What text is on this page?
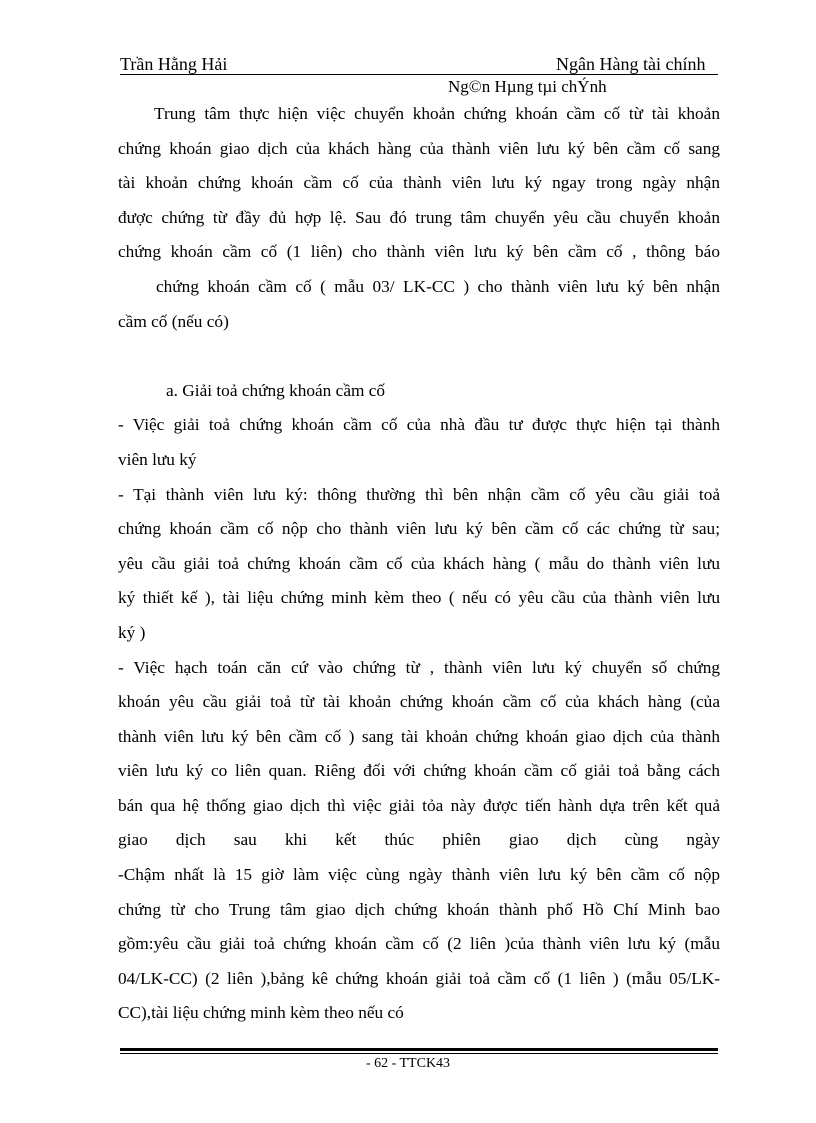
Trần Hằng Hải	Ngân Hàng tài chính
Ng©n Hµng tµi chÝnh
Trung tâm thực hiện việc chuyển khoản chứng khoán cầm cố từ tài khoản
chứng khoán giao dịch của khách hàng của thành viên lưu ký bên cầm cố sang
tài khoản chứng khoán cầm cố của thành viên lưu ký ngay trong ngày nhận
được chứng từ đầy đủ hợp lệ. Sau đó trung tâm chuyển yêu cầu chuyển khoản
chứng khoán cầm cố (1 liên) cho thành viên lưu ký bên cầm cố , thông báo
chứng khoán cầm cố ( mẫu 03/ LK-CC ) cho thành viên lưu ký bên nhận
cầm cố (nếu có)
a. Giải toả chứng khoán cầm cố
- Việc giải toả chứng khoán cầm cố của nhà đầu tư được thực hiện tại thành
viên lưu ký
- Tại thành viên lưu ký: thông thường thì bên nhận cầm cố yêu cầu giải toả
chứng khoán cầm cố nộp cho thành viên lưu ký bên cầm cố các chứng từ sau;
yêu cầu giải toả chứng khoán cầm cố của khách hàng ( mẫu do thành viên lưu
ký thiết kế ), tài liệu chứng minh kèm theo ( nếu có yêu cầu của thành viên lưu
ký )
- Việc hạch toán căn cứ vào chứng từ , thành viên lưu ký chuyển số chứng
khoán yêu cầu giải toả từ tài khoản chứng khoán cầm cố của khách hàng (của
thành viên lưu ký bên cầm cố ) sang tài khoản chứng khoán giao dịch của thành
viên lưu ký co liên quan. Riêng đối với chứng khoán cầm cố giải toả bằng cách
bán qua hệ thống giao dịch thì việc giải tỏa này được tiến hành dựa trên kết quả
giao dịch sau khi kết thúc phiên giao dịch cùng ngày
-Chậm nhất là 15 giờ làm việc cùng ngày thành viên lưu ký bên cầm cố nộp
chứng từ cho Trung tâm giao dịch chứng khoán thành phố Hồ Chí Minh bao
gồm:yêu cầu giải toả chứng khoán cầm cố (2 liên )của thành viên lưu ký (mẫu
04/LK-CC) (2 liên ),bảng kê chứng khoán giải toả cầm cố (1 liên ) (mẫu 05/LK-
CC),tài liệu chứng minh kèm theo nếu có
- 62 - TTCK43
